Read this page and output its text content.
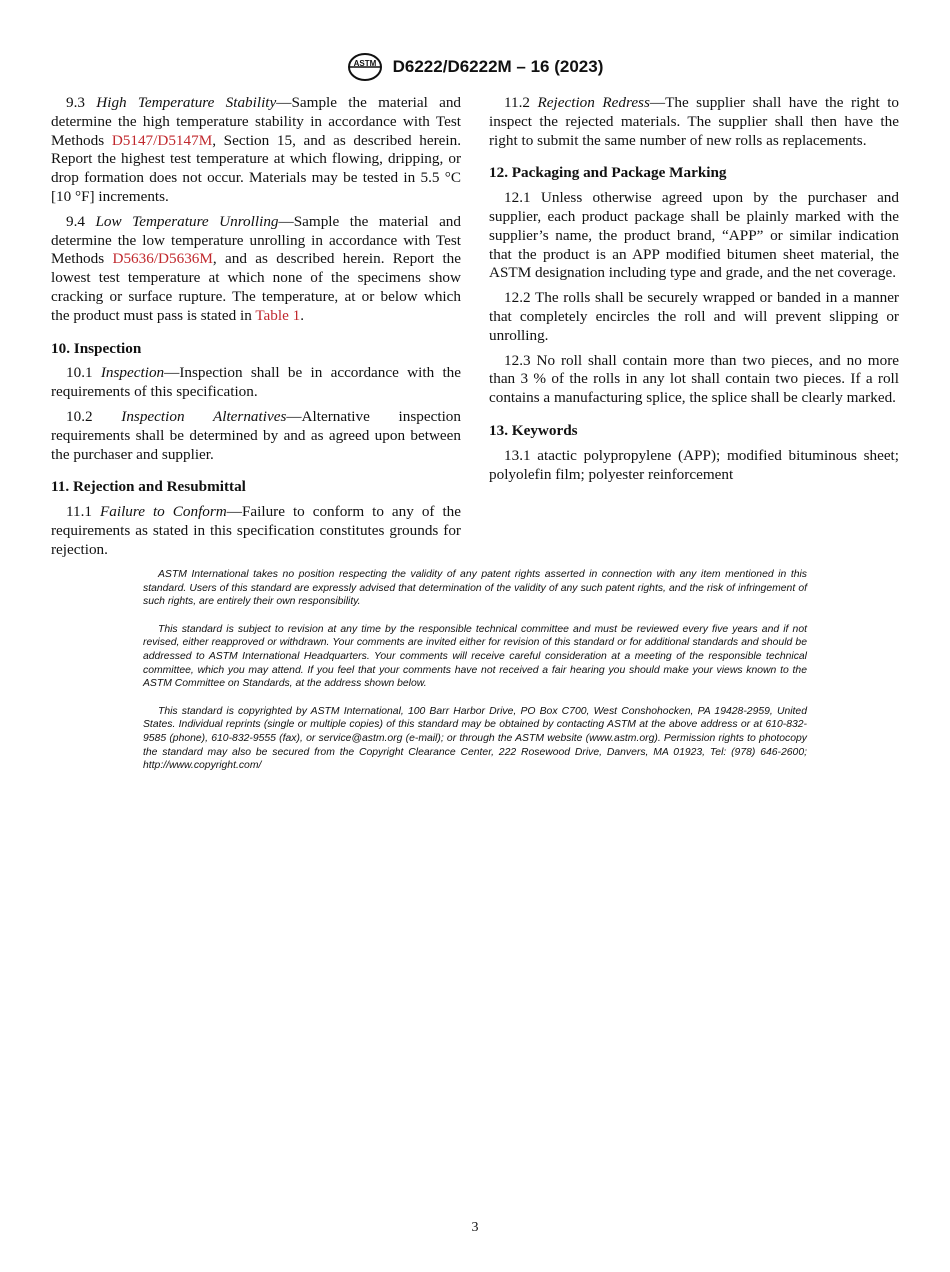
ASTM D6222/D6222M – 16 (2023)

9.3 High Temperature Stability—Sample the material and determine the high temperature stability in accordance with Test Methods D5147/D5147M, Section 15, and as described herein. Report the highest test temperature at which flowing, dripping, or drop formation does not occur. Materials may be tested in 5.5 °C [10 °F] increments.

9.4 Low Temperature Unrolling—Sample the material and determine the low temperature unrolling in accordance with Test Methods D5636/D5636M, and as described herein. Report the lowest test temperature at which none of the specimens show cracking or surface rupture. The temperature, at or below which the product must pass is stated in Table 1.

10. Inspection

10.1 Inspection—Inspection shall be in accordance with the requirements of this specification.

10.2 Inspection Alternatives—Alternative inspection requirements shall be determined by and as agreed upon between the purchaser and supplier.

11. Rejection and Resubmittal

11.1 Failure to Conform—Failure to conform to any of the requirements as stated in this specification constitutes grounds for rejection.

11.2 Rejection Redress—The supplier shall have the right to inspect the rejected materials. The supplier shall then have the right to submit the same number of new rolls as replacements.

12. Packaging and Package Marking

12.1 Unless otherwise agreed upon by the purchaser and supplier, each product package shall be plainly marked with the supplier’s name, the product brand, “APP” or similar indication that the product is an APP modified bitumen sheet material, the ASTM designation including type and grade, and the net coverage.

12.2 The rolls shall be securely wrapped or banded in a manner that completely encircles the roll and will prevent slipping or unrolling.

12.3 No roll shall contain more than two pieces, and no more than 3 % of the rolls in any lot shall contain two pieces. If a roll contains a manufacturing splice, the splice shall be clearly marked.

13. Keywords

13.1 atactic polypropylene (APP); modified bituminous sheet; polyolefin film; polyester reinforcement

ASTM International takes no position respecting the validity of any patent rights asserted in connection with any item mentioned in this standard. Users of this standard are expressly advised that determination of the validity of any such patent rights, and the risk of infringement of such rights, are entirely their own responsibility.

This standard is subject to revision at any time by the responsible technical committee and must be reviewed every five years and if not revised, either reapproved or withdrawn. Your comments are invited either for revision of this standard or for additional standards and should be addressed to ASTM International Headquarters. Your comments will receive careful consideration at a meeting of the responsible technical committee, which you may attend. If you feel that your comments have not received a fair hearing you should make your views known to the ASTM Committee on Standards, at the address shown below.

This standard is copyrighted by ASTM International, 100 Barr Harbor Drive, PO Box C700, West Conshohocken, PA 19428-2959, United States. Individual reprints (single or multiple copies) of this standard may be obtained by contacting ASTM at the above address or at 610-832-9585 (phone), 610-832-9555 (fax), or service@astm.org (e-mail); or through the ASTM website (www.astm.org). Permission rights to photocopy the standard may also be secured from the Copyright Clearance Center, 222 Rosewood Drive, Danvers, MA 01923, Tel: (978) 646-2600; http://www.copyright.com/

3
